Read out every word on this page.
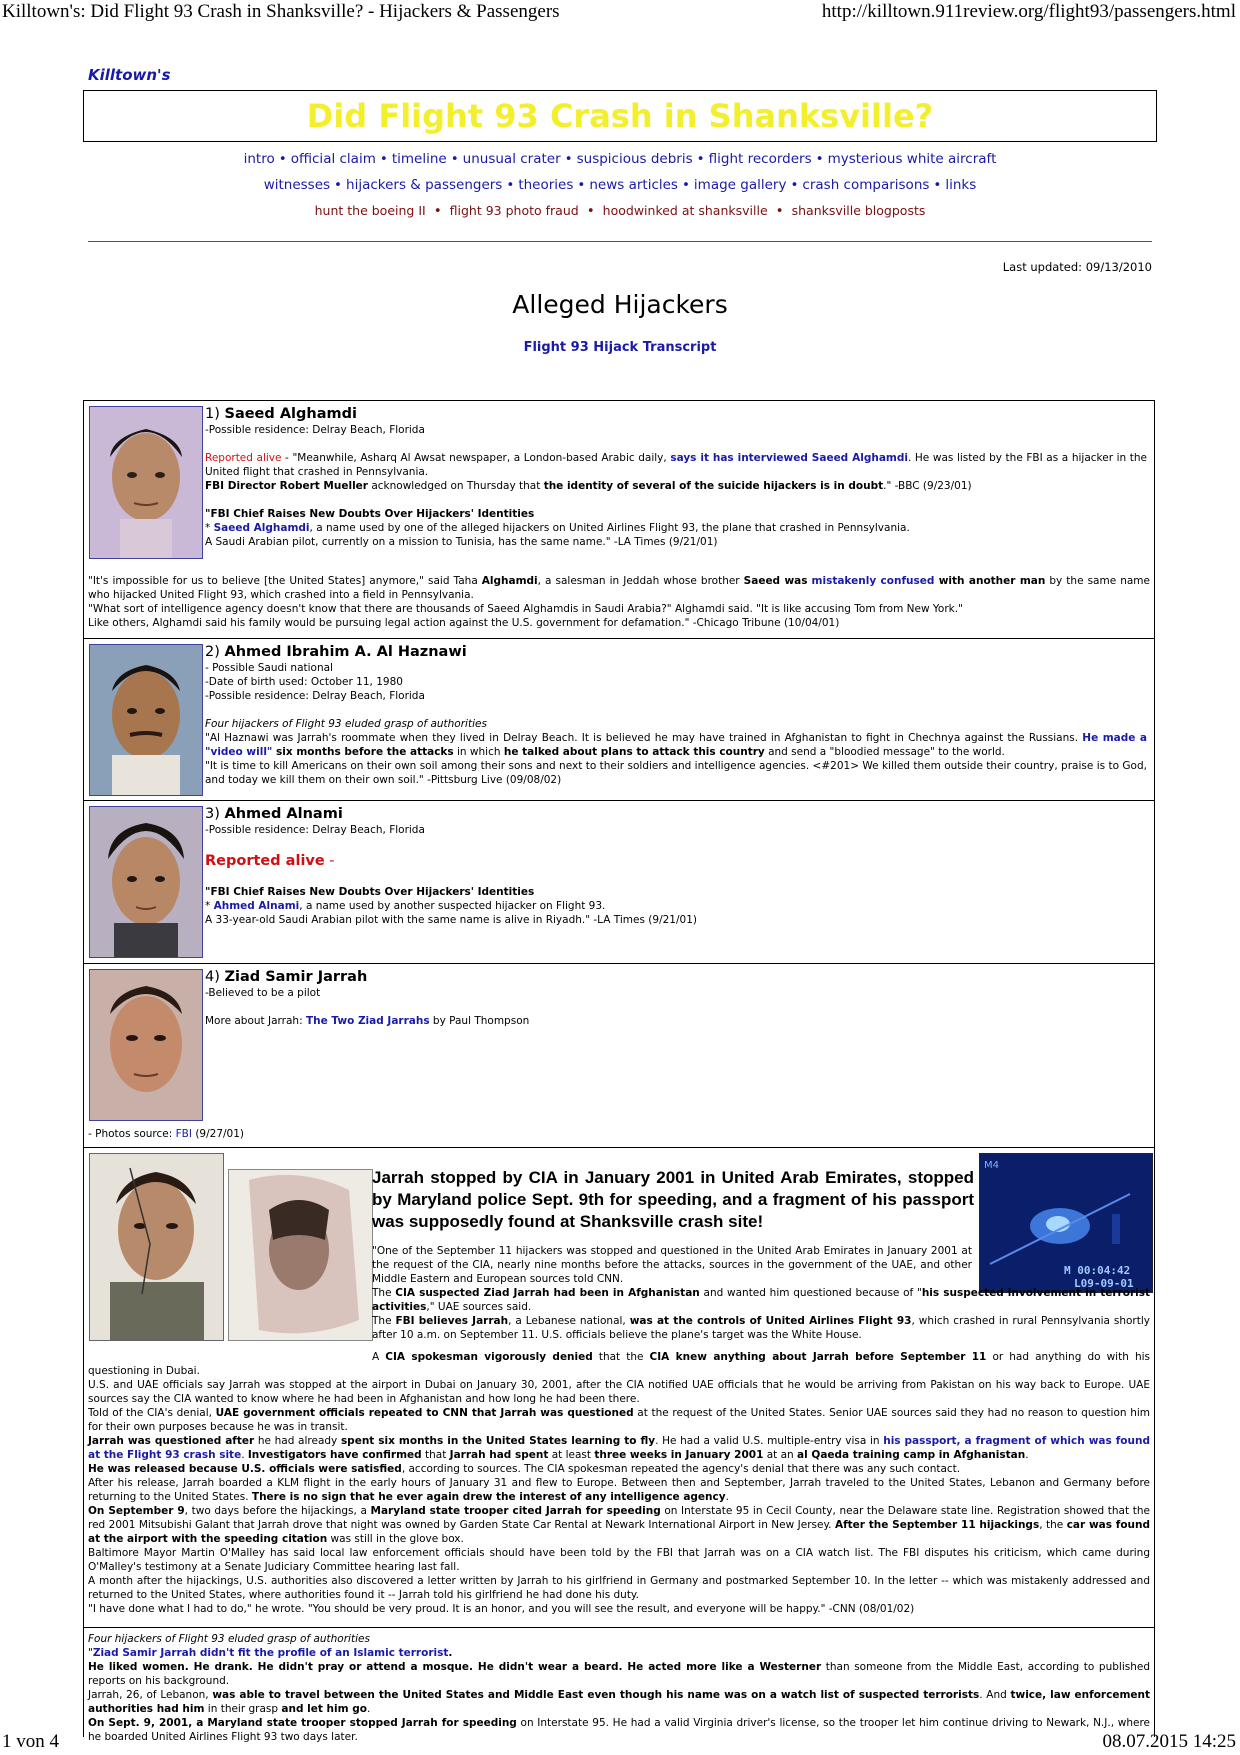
Killtown's: Did Flight 93 Crash in Shanksville? - Hijackers & Passengers	http://killtown.911review.org/flight93/passengers.html
1 von 4	08.07.2015 14:25
Killtown's
Did Flight 93 Crash in Shanksville?
intro • official claim • timeline • unusual crater • suspicious debris • flight recorders • mysterious white aircraft
witnesses • hijackers & passengers • theories • news articles • image gallery • crash comparisons • links
hunt the boeing II • flight 93 photo fraud • hoodwinked at shanksville • shanksville blogposts
Last updated: 09/13/2010
Alleged Hijackers
Flight 93 Hijack Transcript

1) Saeed Alghamdi

-Possible residence: Delray Beach, Florida

Reported alive - "Meanwhile, Asharq Al Awsat newspaper, a London-based Arabic daily, says it has interviewed Saeed Alghamdi. He was listed by the FBI as a hijacker in the United flight that crashed in Pennsylvania.

FBI Director Robert Mueller acknowledged on Thursday that the identity of several of the suicide hijackers is in doubt." -BBC (9/23/01)

"FBI Chief Raises New Doubts Over Hijackers' Identities

* Saeed Alghamdi, a name used by one of the alleged hijackers on United Airlines Flight 93, the plane that crashed in Pennsylvania.

A Saudi Arabian pilot, currently on a mission to Tunisia, has the same name." -LA Times (9/21/01)

"It's impossible for us to believe [the United States] anymore," said Taha Alghamdi, a salesman in Jeddah whose brother Saeed was mistakenly confused with another man by the same name who hijacked United Flight 93, which crashed into a field in Pennsylvania.

"What sort of intelligence agency doesn't know that there are thousands of Saeed Alghamdis in Saudi Arabia?" Alghamdi said. "It is like accusing Tom from New York."

Like others, Alghamdi said his family would be pursuing legal action against the U.S. government for defamation." -Chicago Tribune (10/04/01)

2) Ahmed Ibrahim A. Al Haznawi

- Possible Saudi national

-Date of birth used: October 11, 1980

-Possible residence: Delray Beach, Florida

Four hijackers of Flight 93 eluded grasp of authorities

"Al Haznawi was Jarrah's roommate when they lived in Delray Beach. It is believed he may have trained in Afghanistan to fight in Chechnya against the Russians. He made a "video will" six months before the attacks in which he talked about plans to attack this country and send a "bloodied message" to the world.

"It is time to kill Americans on their own soil among their sons and next to their soldiers and intelligence agencies. <#201> We killed them outside their country, praise is to God, and today we kill them on their own soil." -Pittsburg Live (09/08/02)

3) Ahmed Alnami

-Possible residence: Delray Beach, Florida

Reported alive -

"FBI Chief Raises New Doubts Over Hijackers' Identities

* Ahmed Alnami, a name used by another suspected hijacker on Flight 93.

A 33-year-old Saudi Arabian pilot with the same name is alive in Riyadh." -LA Times (9/21/01)

4) Ziad Samir Jarrah

-Believed to be a pilot

More about Jarrah: The Two Ziad Jarrahs by Paul Thompson

- Photos source: FBI (9/27/01)
M4
M 00:04:42
L09-09-01
Jarrah stopped by CIA in January 2001 in United Arab Emirates, stopped by Maryland police Sept. 9th for speeding, and a fragment of his passport was supposedly found at Shanksville crash site!
"One of the September 11 hijackers was stopped and questioned in the United Arab Emirates in January 2001 at the request of the CIA, nearly nine months before the attacks, sources in the government of the UAE, and other Middle Eastern and European sources told CNN.

The CIA suspected Ziad Jarrah had been in Afghanistan and wanted him questioned because of "his suspected involvement in terrorist activities," UAE sources said.

The FBI believes Jarrah, a Lebanese national, was at the controls of United Airlines Flight 93, which crashed in rural Pennsylvania shortly after 10 a.m. on September 11. U.S. officials believe the plane's target was the White House.

A CIA spokesman vigorously denied that the CIA knew anything about Jarrah before September 11 or had anything do with his questioning in Dubai.

U.S. and UAE officials say Jarrah was stopped at the airport in Dubai on January 30, 2001, after the CIA notified UAE officials that he would be arriving from Pakistan on his way back to Europe. UAE sources say the CIA wanted to know where he had been in Afghanistan and how long he had been there.

Told of the CIA's denial, UAE government officials repeated to CNN that Jarrah was questioned at the request of the United States. Senior UAE sources said they had no reason to question him for their own purposes because he was in transit.

Jarrah was questioned after he had already spent six months in the United States learning to fly. He had a valid U.S. multiple-entry visa in his passport, a fragment of which was found at the Flight 93 crash site. Investigators have confirmed that Jarrah had spent at least three weeks in January 2001 at an al Qaeda training camp in Afghanistan.

He was released because U.S. officials were satisfied, according to sources. The CIA spokesman repeated the agency's denial that there was any such contact.

After his release, Jarrah boarded a KLM flight in the early hours of January 31 and flew to Europe. Between then and September, Jarrah traveled to the United States, Lebanon and Germany before returning to the United States. There is no sign that he ever again drew the interest of any intelligence agency.

On September 9, two days before the hijackings, a Maryland state trooper cited Jarrah for speeding on Interstate 95 in Cecil County, near the Delaware state line. Registration showed that the red 2001 Mitsubishi Galant that Jarrah drove that night was owned by Garden State Car Rental at Newark International Airport in New Jersey. After the September 11 hijackings, the car was found at the airport with the speeding citation was still in the glove box.

Baltimore Mayor Martin O'Malley has said local law enforcement officials should have been told by the FBI that Jarrah was on a CIA watch list. The FBI disputes his criticism, which came during O'Malley's testimony at a Senate Judiciary Committee hearing last fall.

A month after the hijackings, U.S. authorities also discovered a letter written by Jarrah to his girlfriend in Germany and postmarked September 10. In the letter -- which was mistakenly addressed and returned to the United States, where authorities found it -- Jarrah told his girlfriend he had done his duty.

"I have done what I had to do," he wrote. "You should be very proud. It is an honor, and you will see the result, and everyone will be happy." -CNN (08/01/02)

Four hijackers of Flight 93 eluded grasp of authorities

"Ziad Samir Jarrah didn't fit the profile of an Islamic terrorist.

He liked women. He drank. He didn't pray or attend a mosque. He didn't wear a beard. He acted more like a Westerner than someone from the Middle East, according to published reports on his background.

Jarrah, 26, of Lebanon, was able to travel between the United States and Middle East even though his name was on a watch list of suspected terrorists. And twice, law enforcement authorities had him in their grasp and let him go.

On Sept. 9, 2001, a Maryland state trooper stopped Jarrah for speeding on Interstate 95. He had a valid Virginia driver's license, so the trooper let him continue driving to Newark, N.J., where he boarded United Airlines Flight 93 two days later.
